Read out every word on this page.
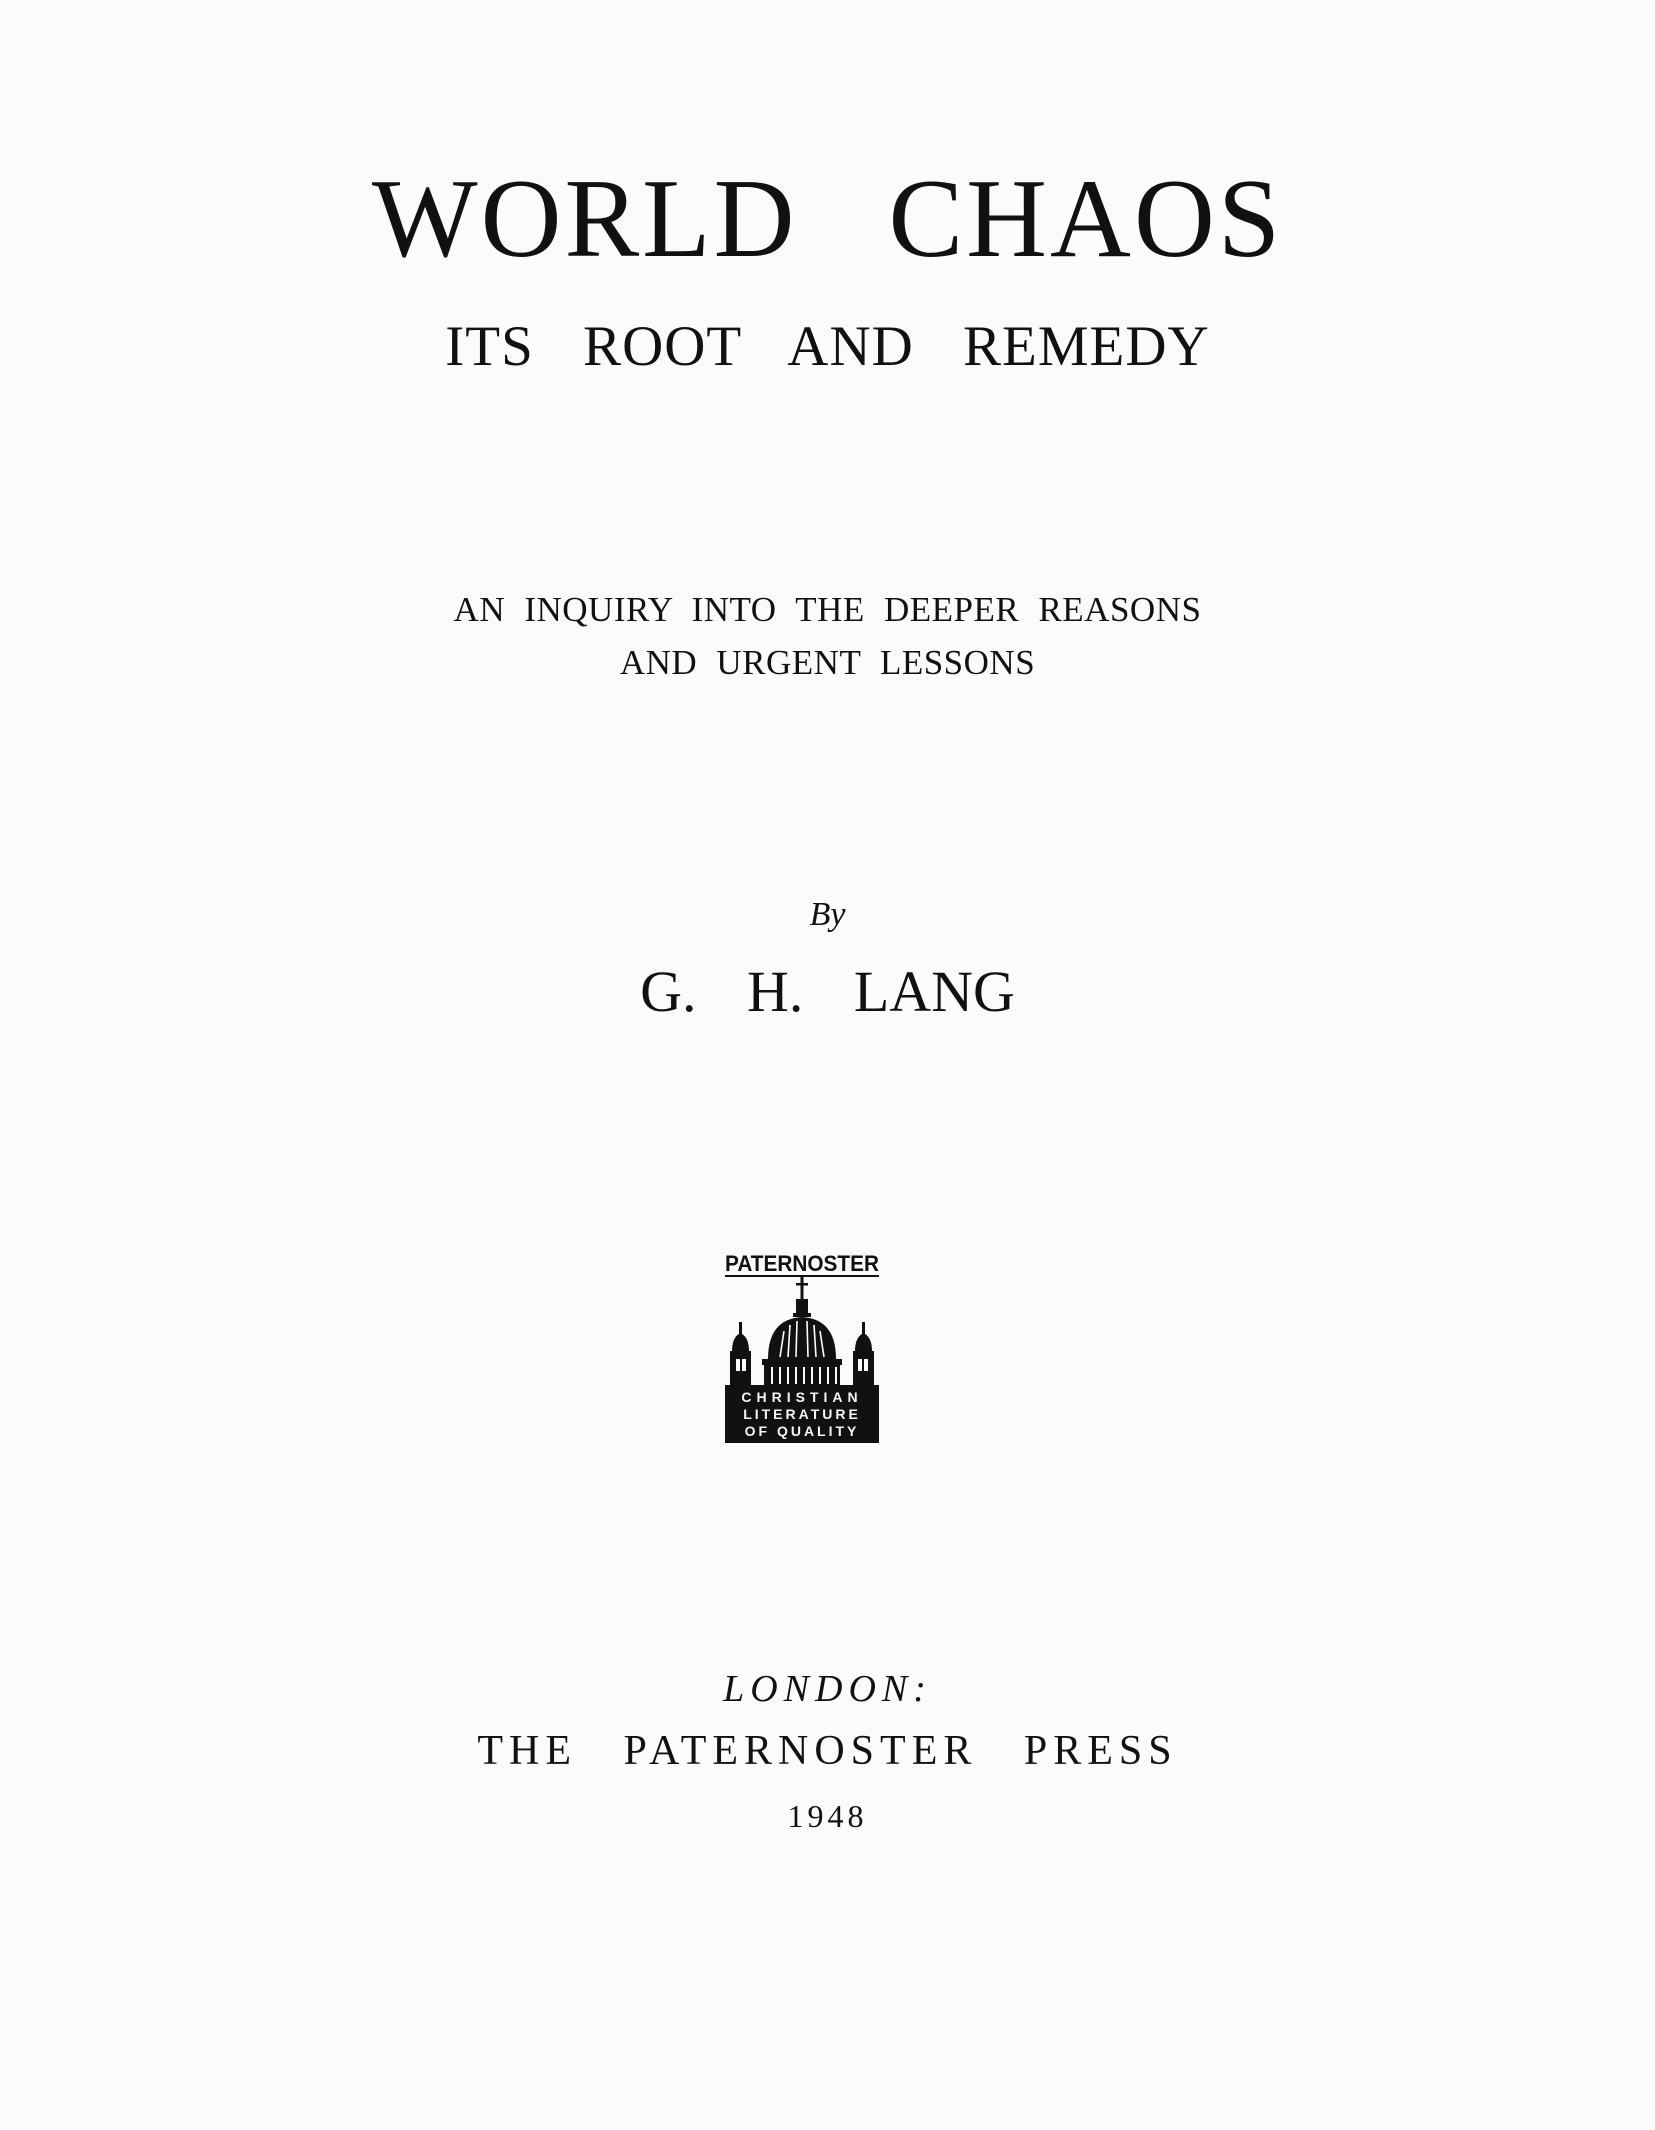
WORLD CHAOS
ITS ROOT AND REMEDY

AN INQUIRY INTO THE DEEPER REASONS

AND URGENT LESSONS

By

G. H. LANG

PATERNOSTER
CHRISTIAN
LITERATURE
OF QUALITY

LONDON:

THE PATERNOSTER PRESS

1948
